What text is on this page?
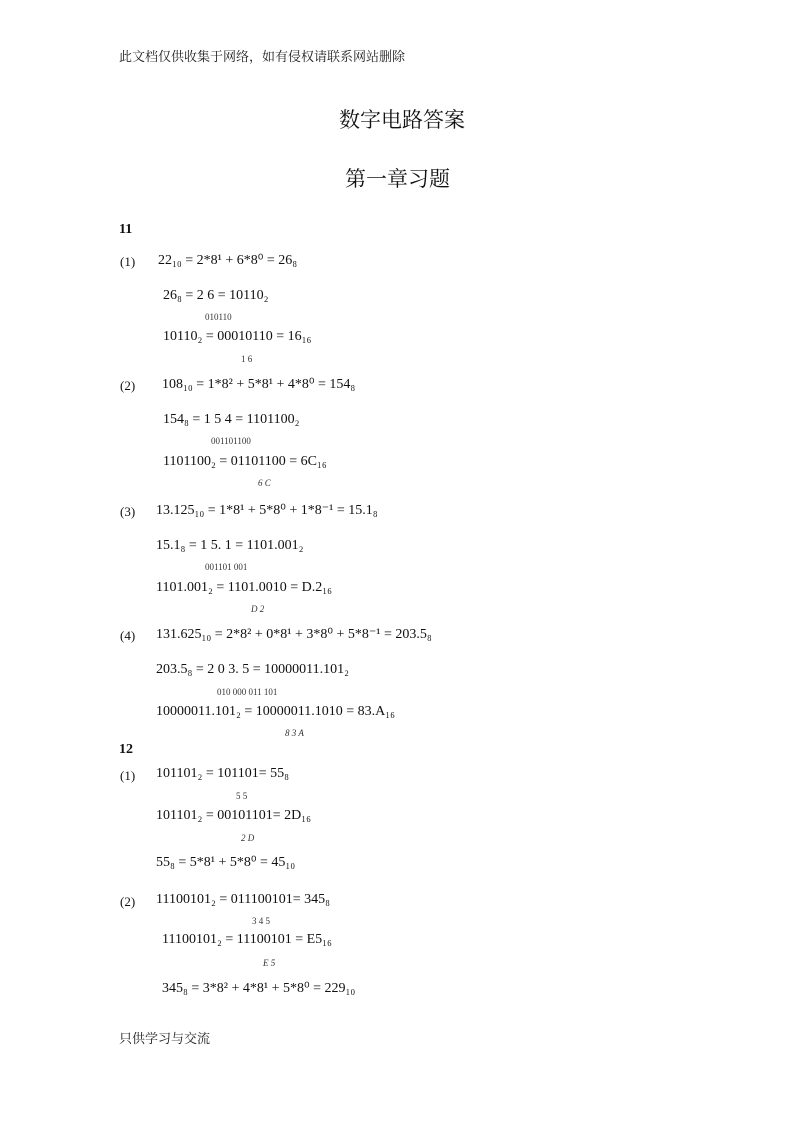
此文档仅供收集于网络，如有侵权请联系网站删除
数字电路答案
第一章习题
11
(1) 22₁₀ = 2*8¹ + 6*8⁰ = 26₈
26₈ = 2 6 = 10110₂
010110
10110₂ = 00010110 = 16₁₆
1 6
(2) 108₁₀ = 1*8² + 5*8¹ + 4*8⁰ = 154₈
154₈ = 1 5 4 = 1101100₂
001101100
1101100₂ = 01101100 = 6C₁₆
6 C
(3) 13.125₁₀ = 1*8¹ + 5*8⁰ + 1*8⁻¹ = 15.1₈
15.1₈ = 1 5. 1 = 1101.001₂
001101 001
1101.001₂ = 1101.0010 = D.2₁₆
D 2
(4) 131.625₁₀ = 2*8² + 0*8¹ + 3*8⁰ + 5*8⁻¹ = 203.5₈
203.5₈ = 2 0 3. 5 = 10000011.101₂
010 000 011 101
10000011.101₂ = 10000011.1010 = 83.A₁₆
8 3 A
12
(1) 101101₂ = 101101= 55₈
5 5
101101₂ = 00101101= 2D₁₆
2 D
55₈ = 5*8¹ + 5*8⁰ = 45₁₀
(2) 11100101₂ = 011100101= 345₈
3 4 5
11100101₂ = 11100101 = E5₁₆
E 5
345₈ = 3*8² + 4*8¹ + 5*8⁰ = 229₁₀
只供学习与交流
